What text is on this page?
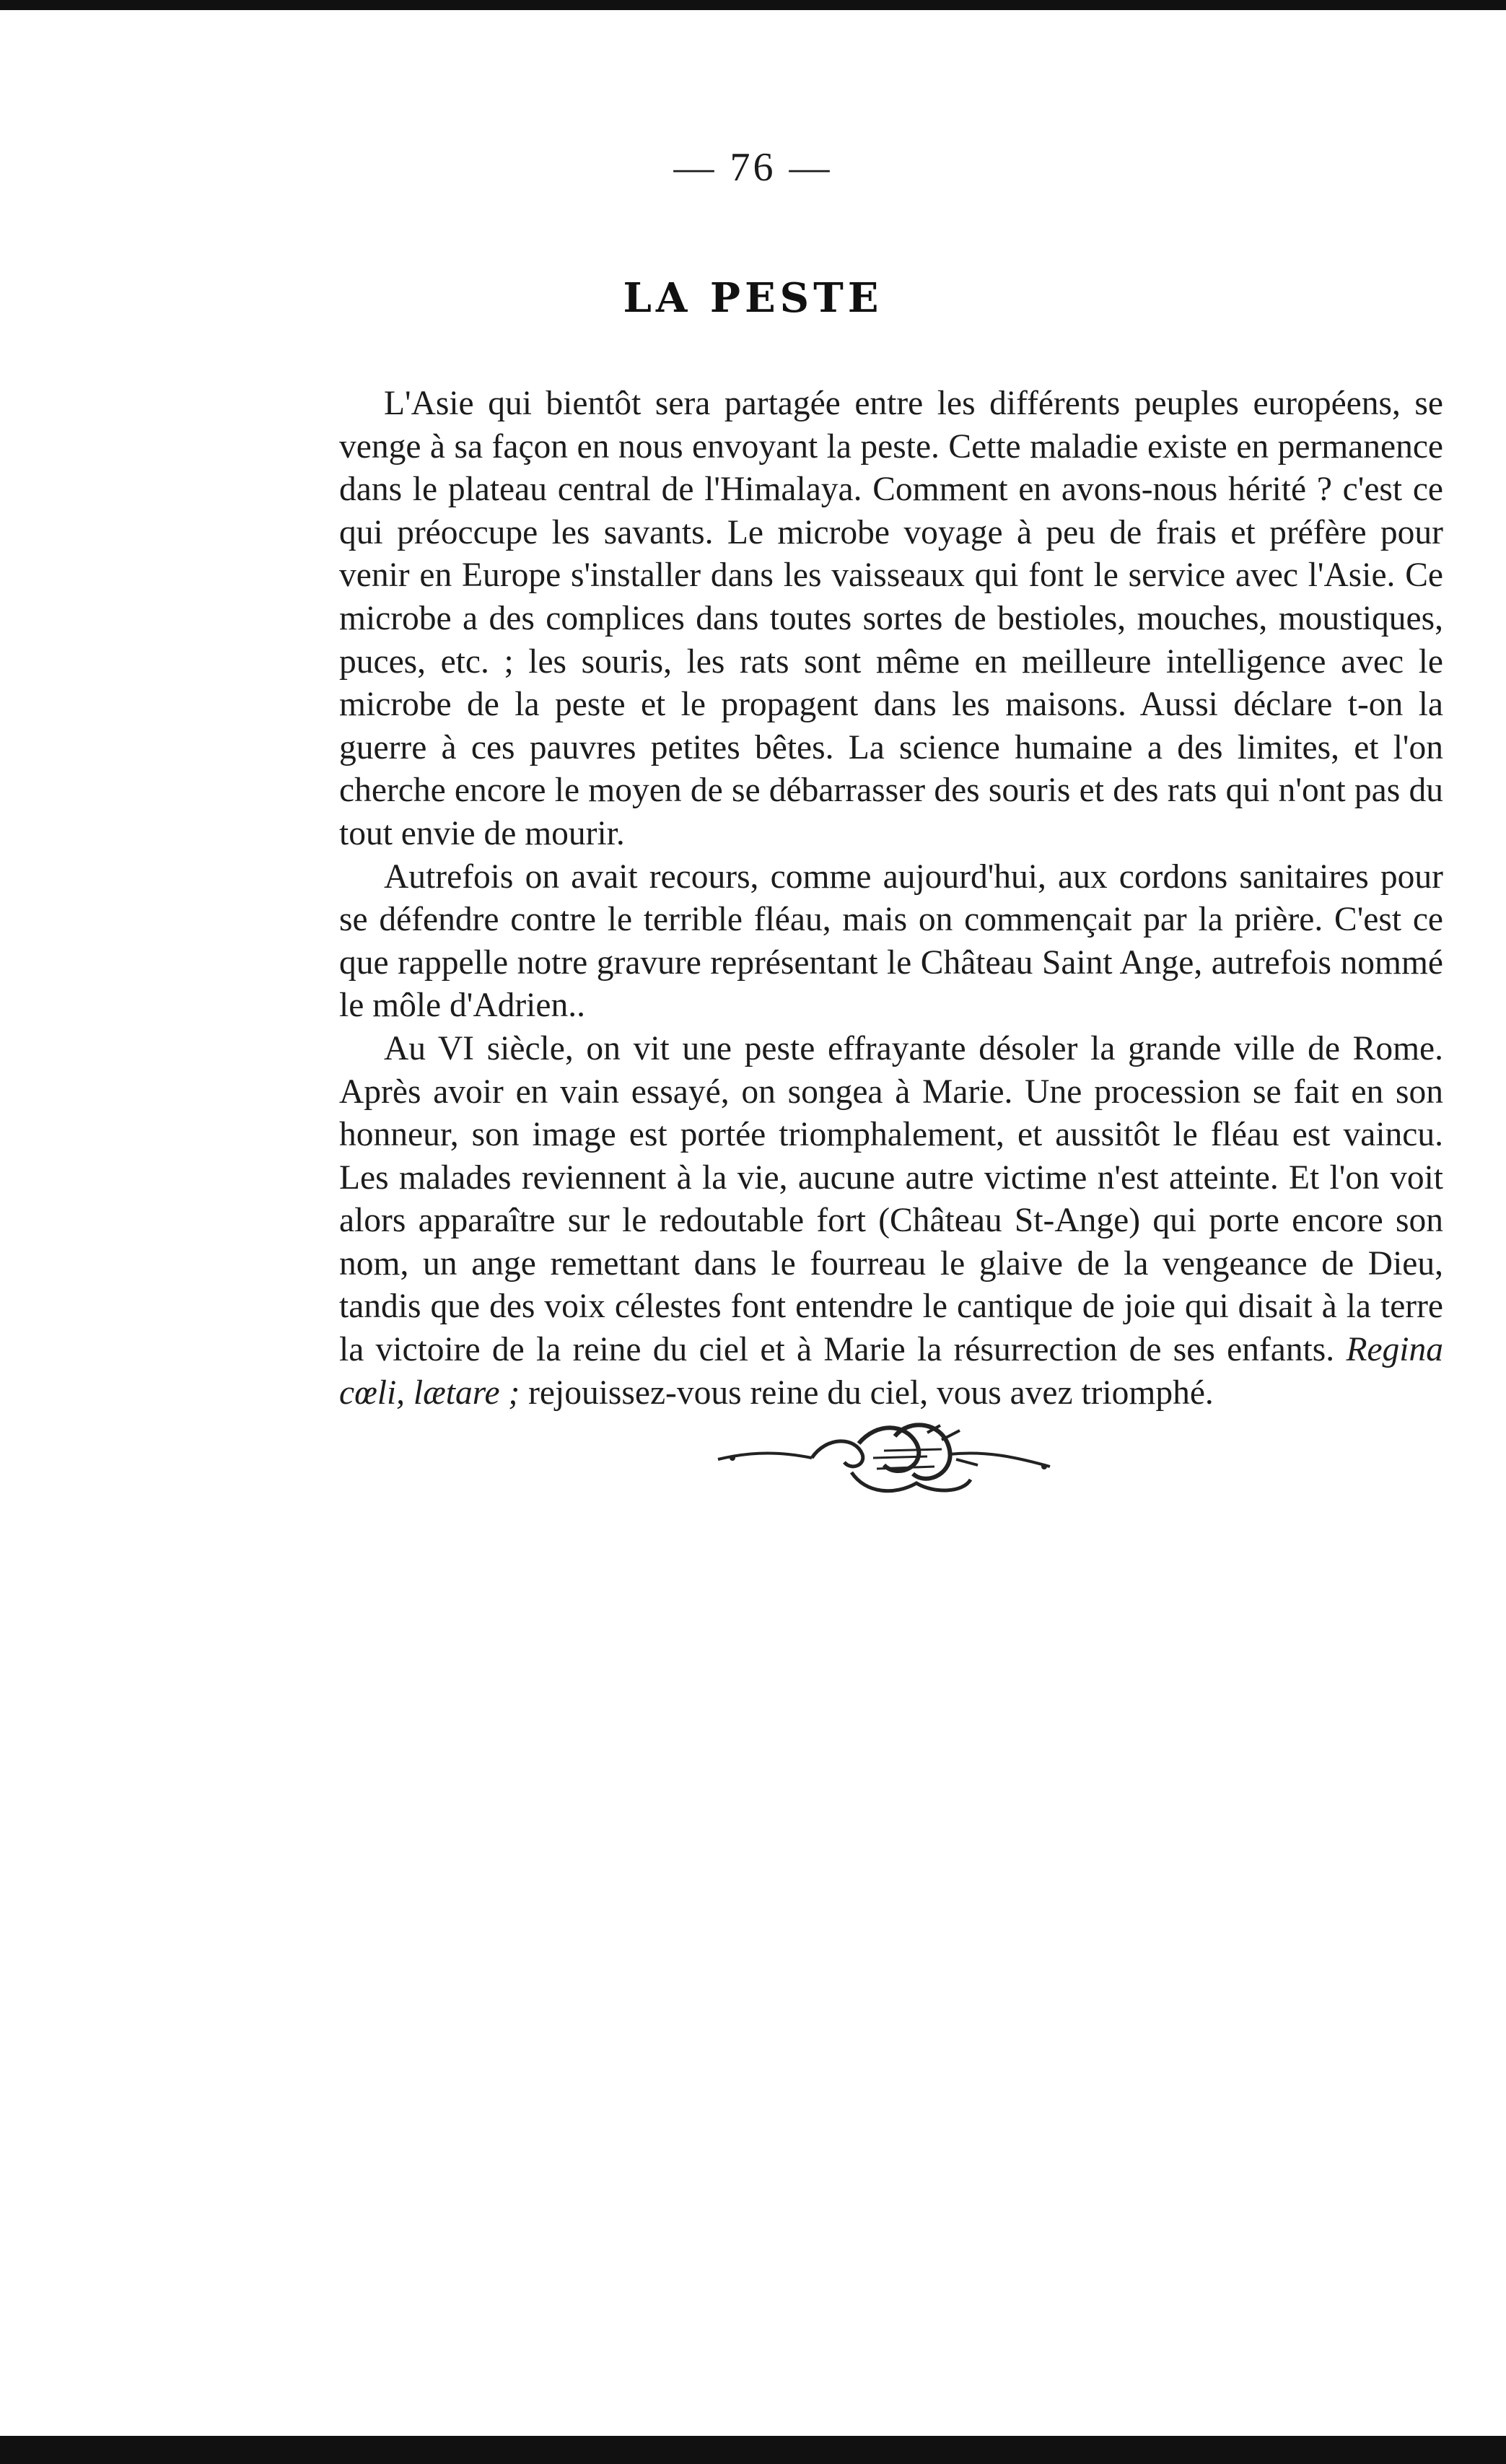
— 76 —
LA PESTE

L'Asie qui bientôt sera partagée entre les différents peuples européens, se venge à sa façon en nous envoyant la peste. Cette maladie existe en permanence dans le plateau central de l'Himalaya. Comment en avons-nous hérité ? c'est ce qui préoccupe les savants. Le microbe voyage à peu de frais et préfère pour venir en Europe s'installer dans les vaisseaux qui font le service avec l'Asie. Ce microbe a des complices dans toutes sortes de bestioles, mouches, moustiques, puces, etc. ; les souris, les rats sont même en meilleure intelligence avec le microbe de la peste et le propagent dans les maisons. Aussi déclare t-on la guerre à ces pauvres petites bêtes. La science humaine a des limites, et l'on cherche encore le moyen de se débarrasser des souris et des rats qui n'ont pas du tout envie de mourir.

Autrefois on avait recours, comme aujourd'hui, aux cordons sanitaires pour se défendre contre le terrible fléau, mais on commençait par la prière. C'est ce que rappelle notre gravure représentant le Château Saint Ange, autrefois nommé le môle d'Adrien..

Au VI siècle, on vit une peste effrayante désoler la grande ville de Rome. Après avoir en vain essayé, on songea à Marie. Une procession se fait en son honneur, son image est portée triomphalement, et aussitôt le fléau est vaincu. Les malades reviennent à la vie, aucune autre victime n'est atteinte. Et l'on voit alors apparaître sur le redoutable fort (Château St-Ange) qui porte encore son nom, un ange remettant dans le fourreau le glaive de la vengeance de Dieu, tandis que des voix célestes font entendre le cantique de joie qui disait à la terre la victoire de la reine du ciel et à Marie la résurrection de ses enfants. Regina cœli, lætare ; rejouissez-vous reine du ciel, vous avez triomphé.
